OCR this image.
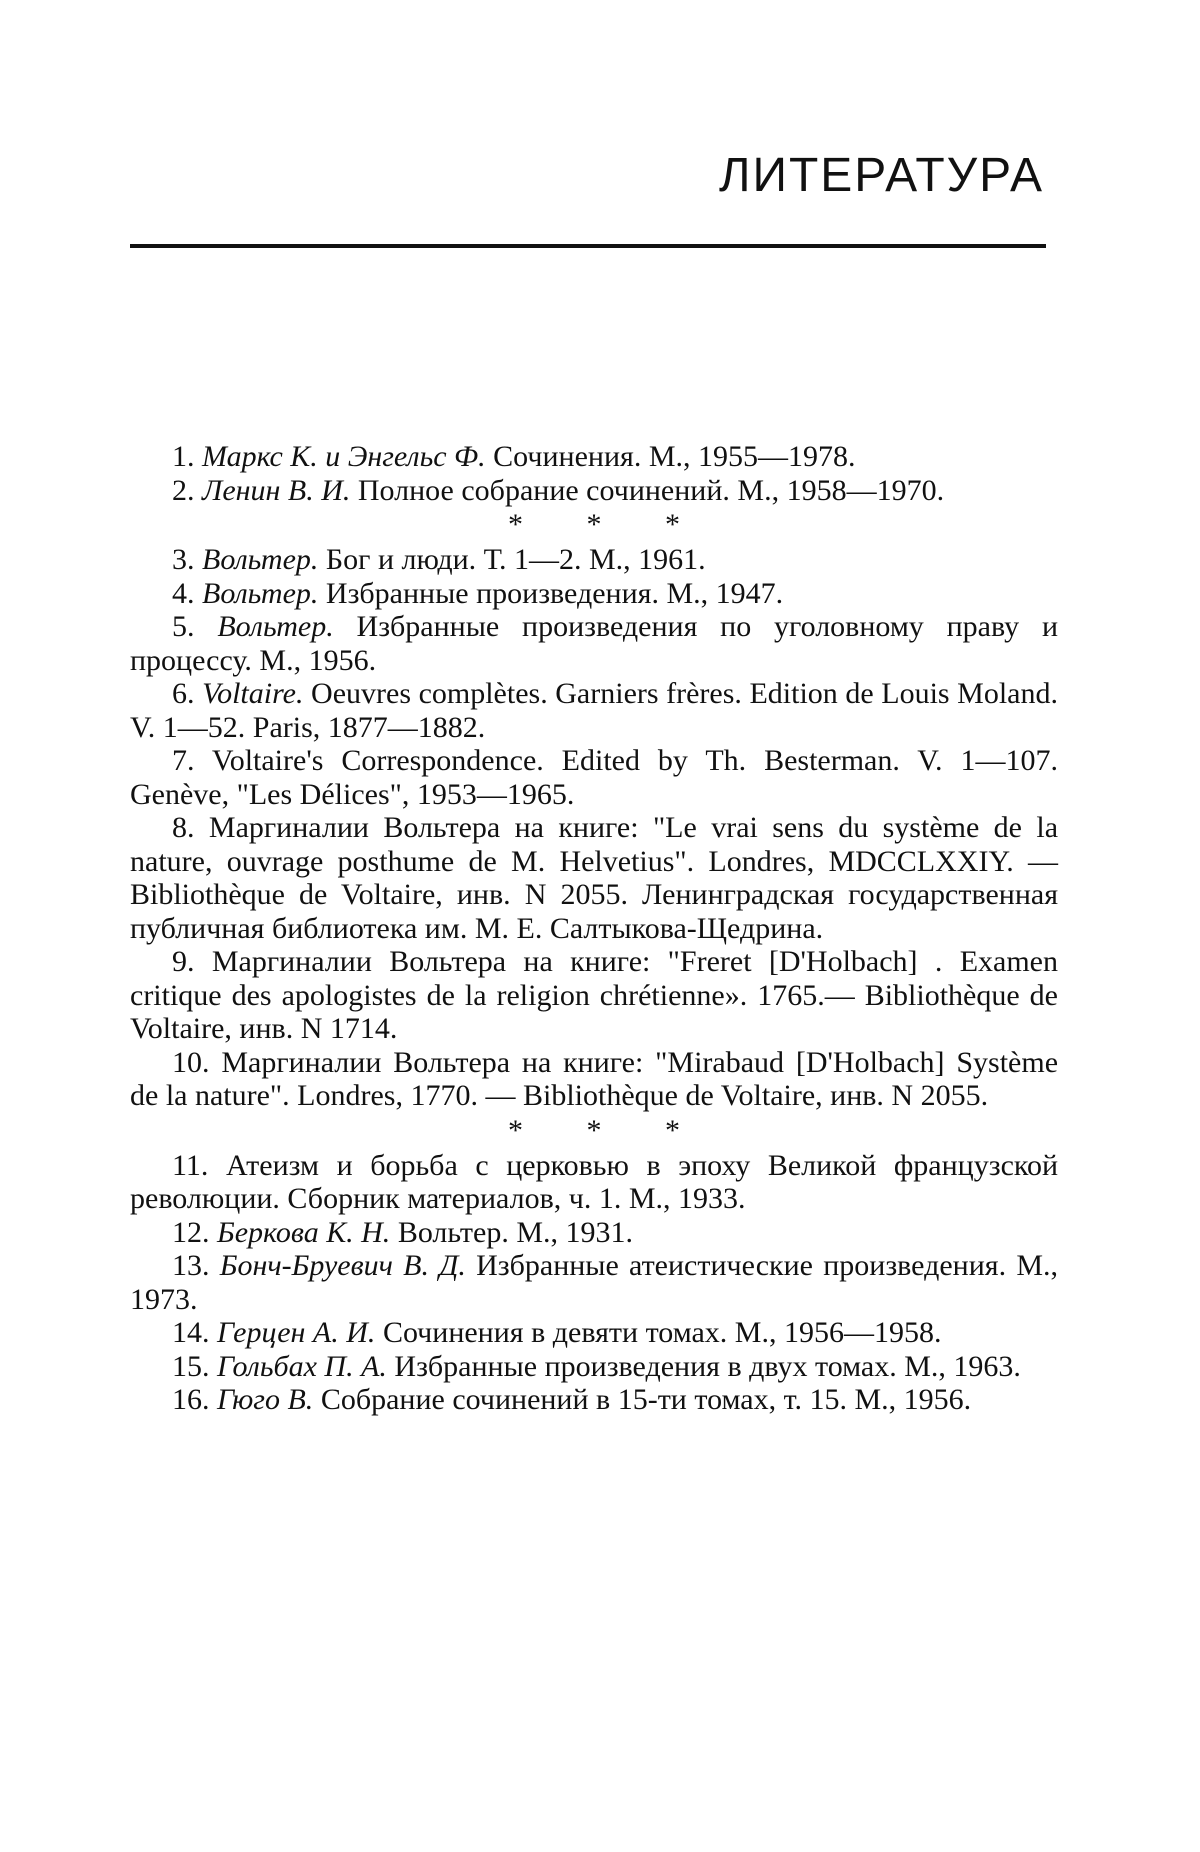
ЛИТЕРАТУРА

1. Маркс К. и Энгельс Ф. Сочинения. М., 1955—1978.

2. Ленин В. И. Полное собрание сочинений. М., 1958—1970.

* * *

3. Вольтер. Бог и люди. Т. 1—2. М., 1961.

4. Вольтер. Избранные произведения. М., 1947.

5. Вольтер. Избранные произведения по уголовному праву и процессу. М., 1956.

6. Voltaire. Oeuvres complètes. Garniers frères. Edition de Louis Moland. V. 1—52. Paris, 1877—1882.

7. Voltaire's Correspondence. Edited by Th. Besterman. V. 1—107. Genève, "Les Délices", 1953—1965.

8. Маргиналии Вольтера на книге: "Le vrai sens du système de la nature, ouvrage posthume de M. Helvetius". Londres, MDCCLXXIY. — Bibliothèque de Voltaire, инв. N 2055. Ленинградская государственная публичная библиотека им. М. Е. Салтыкова-Щедрина.

9. Маргиналии Вольтера на книге: "Freret [D'Holbach] . Examen critique des apologistes de la religion chrétienne». 1765.— Bibliothèque de Voltaire, инв. N 1714.

10. Маргиналии Вольтера на книге: "Mirabaud [D'Holbach] Système de la nature". Londres, 1770. — Bibliothèque de Voltaire, инв. N 2055.

* * *

11. Атеизм и борьба с церковью в эпоху Великой французской революции. Сборник материалов, ч. 1. М., 1933.

12. Беркова К. Н. Вольтер. М., 1931.

13. Бонч-Бруевич В. Д. Избранные атеистические произведения. М., 1973.

14. Герцен А. И. Сочинения в девяти томах. М., 1956—1958.

15. Гольбах П. А. Избранные произведения в двух томах. М., 1963.

16. Гюго В. Собрание сочинений в 15-ти томах, т. 15. М., 1956.
